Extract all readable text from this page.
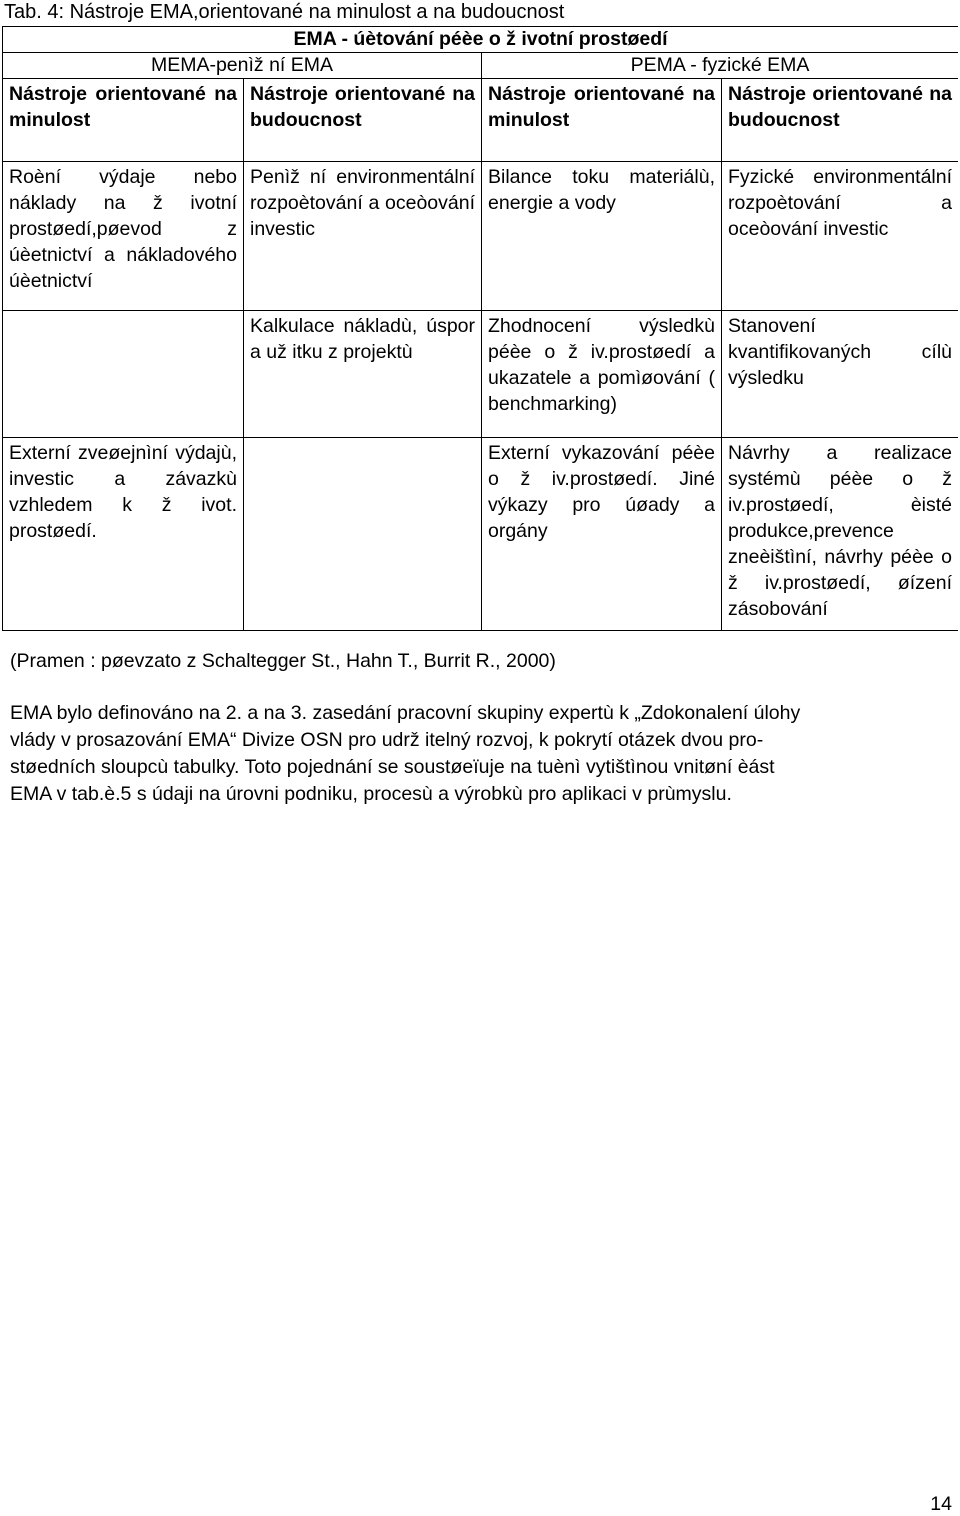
Tab. 4: Nástroje EMA,orientované na minulost a na budoucnost
EMA - úètování péèe o ž ivotní prostøedí			
MEMA-penìž ní EMA		PEMA - fyzické EMA	
Nástroje orientované na minulost	Nástroje orientované na budoucnost	Nástroje orientované na minulost	Nástroje orientované na budoucnost
Roèní výdaje nebo náklady na ž ivotní prostøedí,pøevod z úèetnictví a nákladového úèetnictví	Penìž ní environmentální rozpoètování a oceòování investic	Bilance toku materiálù, energie a vody	Fyzické environmentální rozpoètování a oceòování investic
	Kalkulace nákladù, úspor a už itku z projektù	Zhodnocení výsledkù péèe o ž iv.prostøedí a ukazatele a pomìøování ( benchmarking)	Stanovení kvantifikovaných cílù výsledku
Externí zveøejnìní výdajù, investic a závazkù vzhledem k ž ivot. prostøedí.		Externí vykazování péèe o ž iv.prostøedí. Jiné výkazy pro úøady a orgány	Návrhy a realizace systémù péèe o ž iv.prostøedí, èisté produkce,prevence zneèištìní, návrhy péèe o ž iv.prostøedí, øízení zásobování
(Pramen : pøevzato z Schaltegger St., Hahn T., Burrit R., 2000)
EMA bylo definováno na 2. a na 3. zasedání pracovní skupiny expertù k „Zdokonalení úlohy
vlády v prosazování EMA“ Divize OSN pro udrž itelný rozvoj, k pokrytí otázek dvou pro-
støedních sloupcù tabulky. Toto pojednání se soustøeïuje na tuènì vytištìnou vnitøní èást
EMA v tab.è.5 s údaji na úrovni podniku, procesù a výrobkù pro aplikaci v prùmyslu.
14
